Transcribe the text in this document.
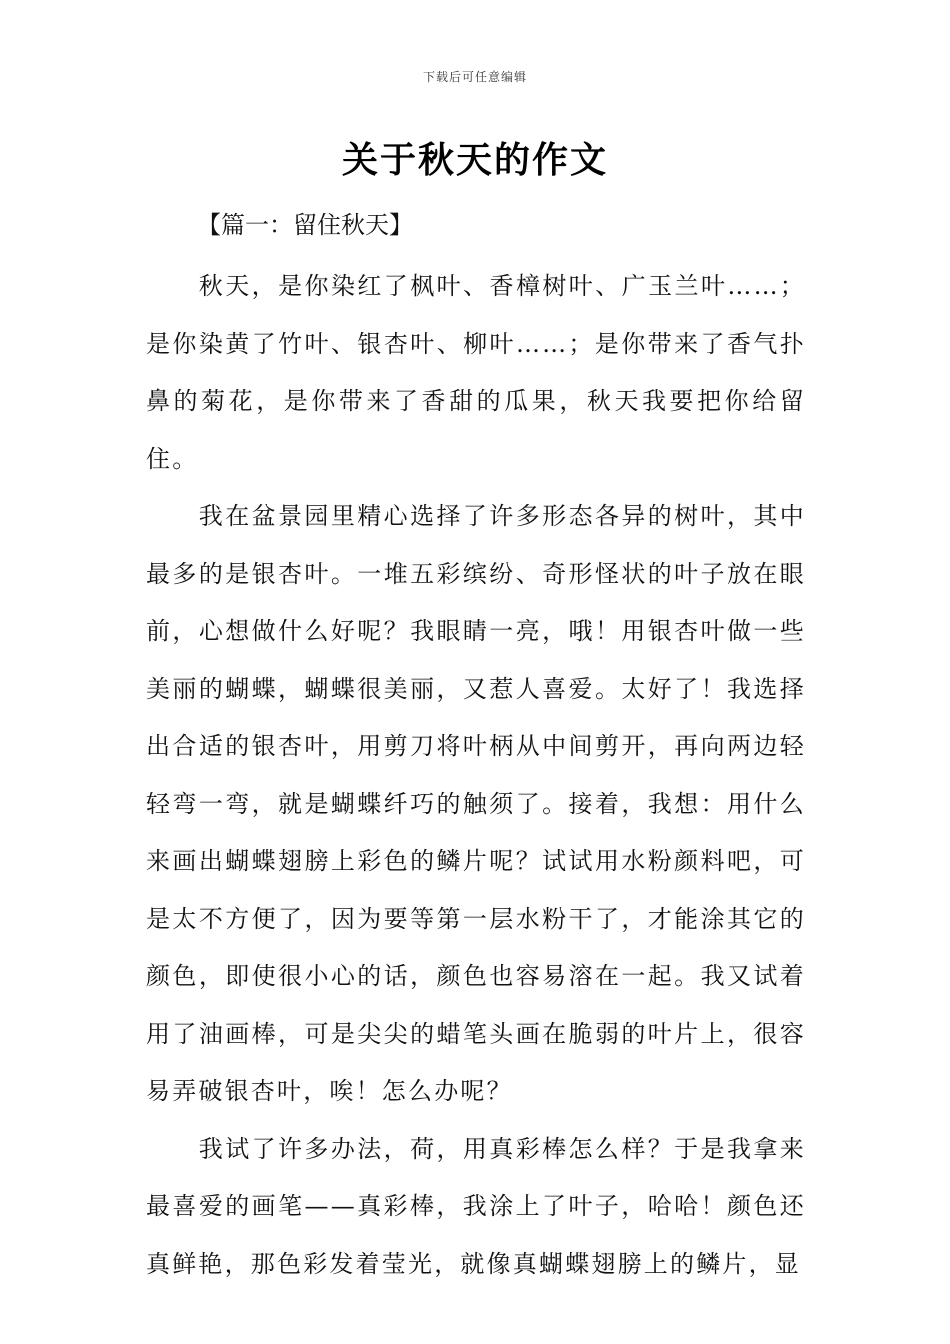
下载后可任意编辑
关于秋天的作文
【篇一：留住秋天】

秋天，是你染红了枫叶、香樟树叶、广玉兰叶……；是你染黄了竹叶、银杏叶、柳叶……；是你带来了香气扑鼻的菊花，是你带来了香甜的瓜果，秋天我要把你给留住。

我在盆景园里精心选择了许多形态各异的树叶，其中最多的是银杏叶。一堆五彩缤纷、奇形怪状的叶子放在眼前，心想做什么好呢？我眼睛一亮，哦！用银杏叶做一些美丽的蝴蝶，蝴蝶很美丽，又惹人喜爱。太好了！我选择出合适的银杏叶，用剪刀将叶柄从中间剪开，再向两边轻轻弯一弯，就是蝴蝶纤巧的触须了。接着，我想：用什么来画出蝴蝶翅膀上彩色的鳞片呢？试试用水粉颜料吧，可是太不方便了，因为要等第一层水粉干了，才能涂其它的颜色，即使很小心的话，颜色也容易溶在一起。我又试着用了油画棒，可是尖尖的蜡笔头画在脆弱的叶片上，很容易弄破银杏叶，唉！怎么办呢？

我试了许多办法，荷，用真彩棒怎么样？于是我拿来最喜爱的画笔——真彩棒，我涂上了叶子，哈哈！颜色还真鲜艳，那色彩发着莹光，就像真蝴蝶翅膀上的鳞片，显
